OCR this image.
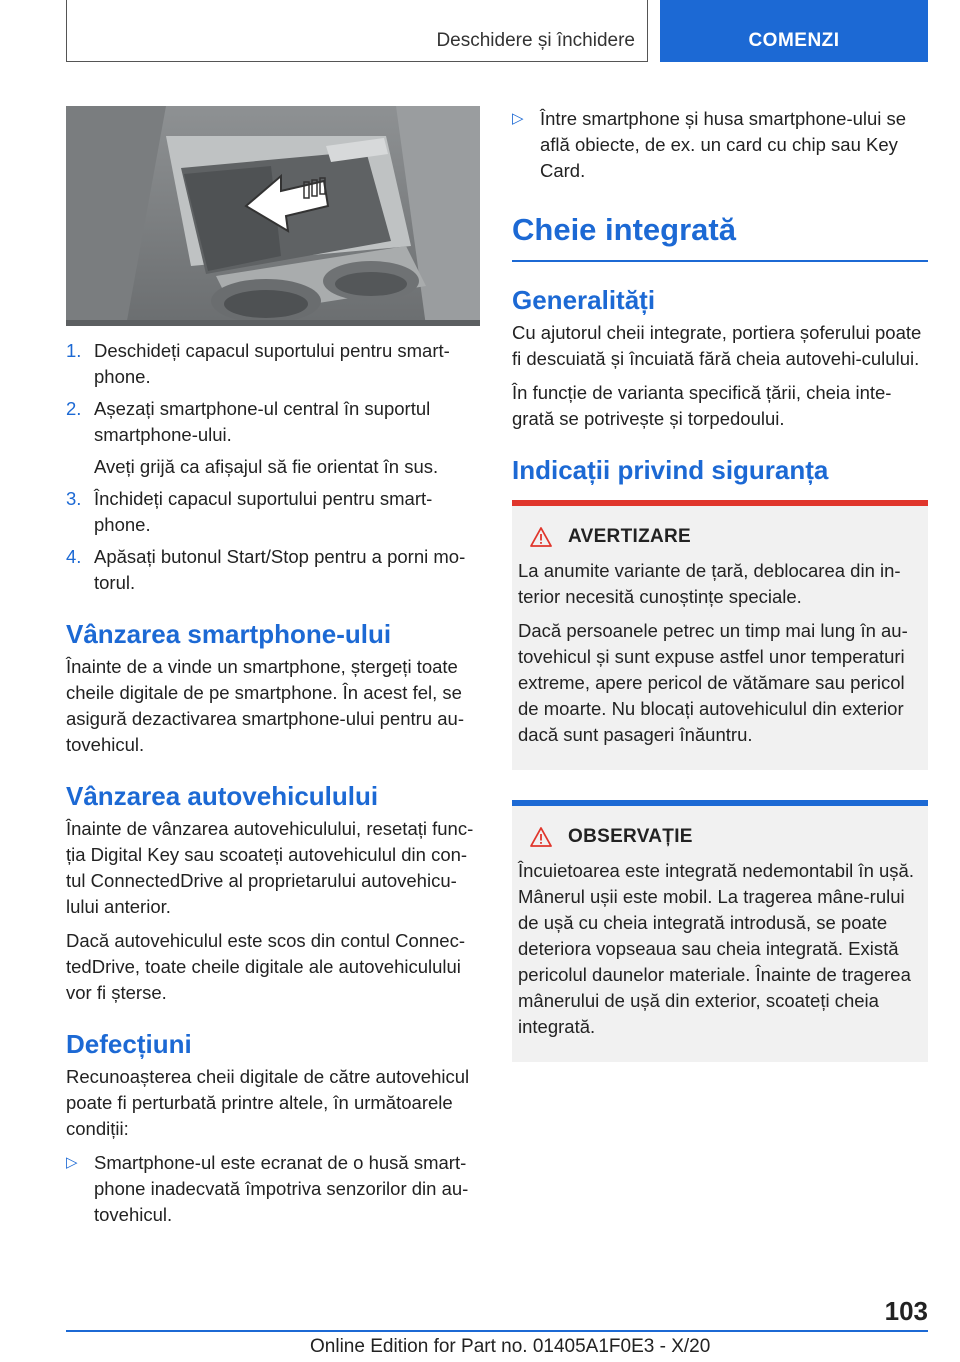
Deschidere și închidere	COMENZI
1. Deschideți capacul suportului pentru smart‐phone.

2. Așezați smartphone-ul central în suportul smartphone-ului.

Aveți grijă ca afișajul să fie orientat în sus.

3. Închideți capacul suportului pentru smart‐phone.

4. Apăsați butonul Start/Stop pentru a porni mo‐torul.

Vânzarea smartphone-ului

Înainte de a vinde un smartphone, ștergeți toate cheile digitale de pe smartphone. În acest fel, se asigură dezactivarea smartphone-ului pentru au‐tovehicul.

Vânzarea autovehiculului

Înainte de vânzarea autovehiculului, resetați func‐ția Digital Key sau scoateți autovehiculul din con‐tul ConnectedDrive al proprietarului autovehicu‐lului anterior.

Dacă autovehiculul este scos din contul Connec‐tedDrive, toate cheile digitale ale autovehiculului vor fi șterse.

Defecțiuni

Recunoașterea cheii digitale de către autovehicul poate fi perturbată printre altele, în următoarele condiții:

▷ Smartphone-ul este ecranat de o husă smart‐phone inadecvată împotriva senzorilor din au‐tovehicul.
▷ Între smartphone și husa smartphone-ului se află obiecte, de ex. un card cu chip sau Key Card.
Cheie integrată
Generalități

Cu ajutorul cheii integrate, portiera șoferului poate fi descuiată și încuiată fără cheia autovehi‐culului.

În funcție de varianta specifică țării, cheia inte‐grată se potrivește și torpedoului.

Indicații privind siguranța
AVERTIZARE

La anumite variante de țară, deblocarea din in‐terior necesită cunoștințe speciale.

Dacă persoanele petrec un timp mai lung în au‐tovehicul și sunt expuse astfel unor temperaturi extreme, apere pericol de vătămare sau pericol de moarte. Nu blocați autovehiculul din exterior dacă sunt pasageri înăuntru.

OBSERVAȚIE

Încuietoarea este integrată nedemontabil în ușă. Mânerul ușii este mobil. La tragerea mâne‐rului de ușă cu cheia integrată introdusă, se poate deteriora vopseaua sau cheia integrată. Există pericolul daunelor materiale. Înainte de tragerea mânerului de ușă din exterior, scoateți cheia integrată.

103
Online Edition for Part no. 01405A1F0E3 - X/20
